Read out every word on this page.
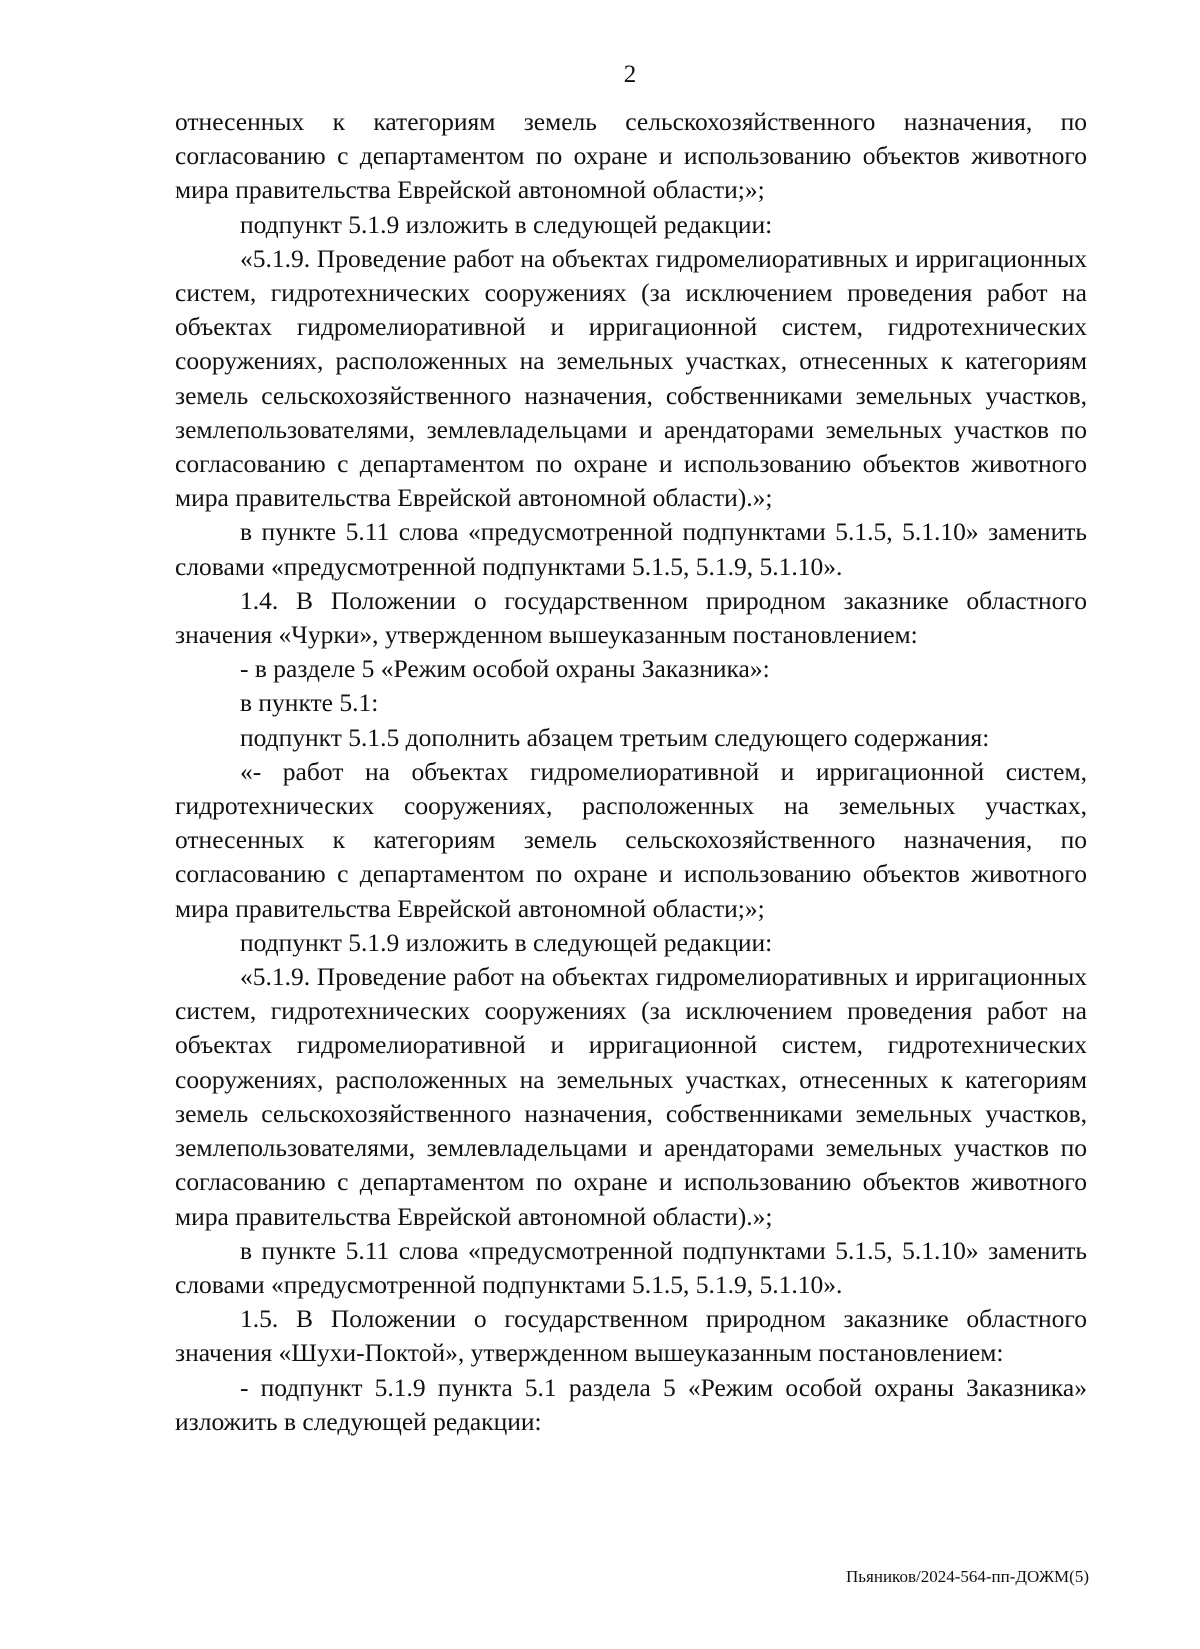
2

отнесенных к категориям земель сельскохозяйственного назначения, по согласованию с департаментом по охране и использованию объектов животного мира правительства Еврейской автономной области;»;

подпункт 5.1.9 изложить в следующей редакции:

«5.1.9. Проведение работ на объектах гидромелиоративных и ирригационных систем, гидротехнических сооружениях (за исключением проведения работ на объектах гидромелиоративной и ирригационной систем, гидротехнических сооружениях, расположенных на земельных участках, отнесенных к категориям земель сельскохозяйственного назначения, собственниками земельных участков, землепользователями, землевладельцами и арендаторами земельных участков по согласованию с департаментом по охране и использованию объектов животного мира правительства Еврейской автономной области).»;

в пункте 5.11 слова «предусмотренной подпунктами 5.1.5, 5.1.10» заменить словами «предусмотренной подпунктами 5.1.5, 5.1.9, 5.1.10».

1.4. В Положении о государственном природном заказнике областного значения «Чурки», утвержденном вышеуказанным постановлением:

- в разделе 5 «Режим особой охраны Заказника»:

в пункте 5.1:

подпункт 5.1.5 дополнить абзацем третьим следующего содержания:

«- работ на объектах гидромелиоративной и ирригационной систем, гидротехнических сооружениях, расположенных на земельных участках, отнесенных к категориям земель сельскохозяйственного назначения, по согласованию с департаментом по охране и использованию объектов животного мира правительства Еврейской автономной области;»;

подпункт 5.1.9 изложить в следующей редакции:

«5.1.9. Проведение работ на объектах гидромелиоративных и ирригационных систем, гидротехнических сооружениях (за исключением проведения работ на объектах гидромелиоративной и ирригационной систем, гидротехнических сооружениях, расположенных на земельных участках, отнесенных к категориям земель сельскохозяйственного назначения, собственниками земельных участков, землепользователями, землевладельцами и арендаторами земельных участков по согласованию с департаментом по охране и использованию объектов животного мира правительства Еврейской автономной области).»;

в пункте 5.11 слова «предусмотренной подпунктами 5.1.5, 5.1.10» заменить словами «предусмотренной подпунктами 5.1.5, 5.1.9, 5.1.10».

1.5. В Положении о государственном природном заказнике областного значения «Шухи-Поктой», утвержденном вышеуказанным постановлением:

- подпункт 5.1.9 пункта 5.1 раздела 5 «Режим особой охраны Заказника» изложить в следующей редакции:

Пьяников/2024-564-пп-ДОЖМ(5)
